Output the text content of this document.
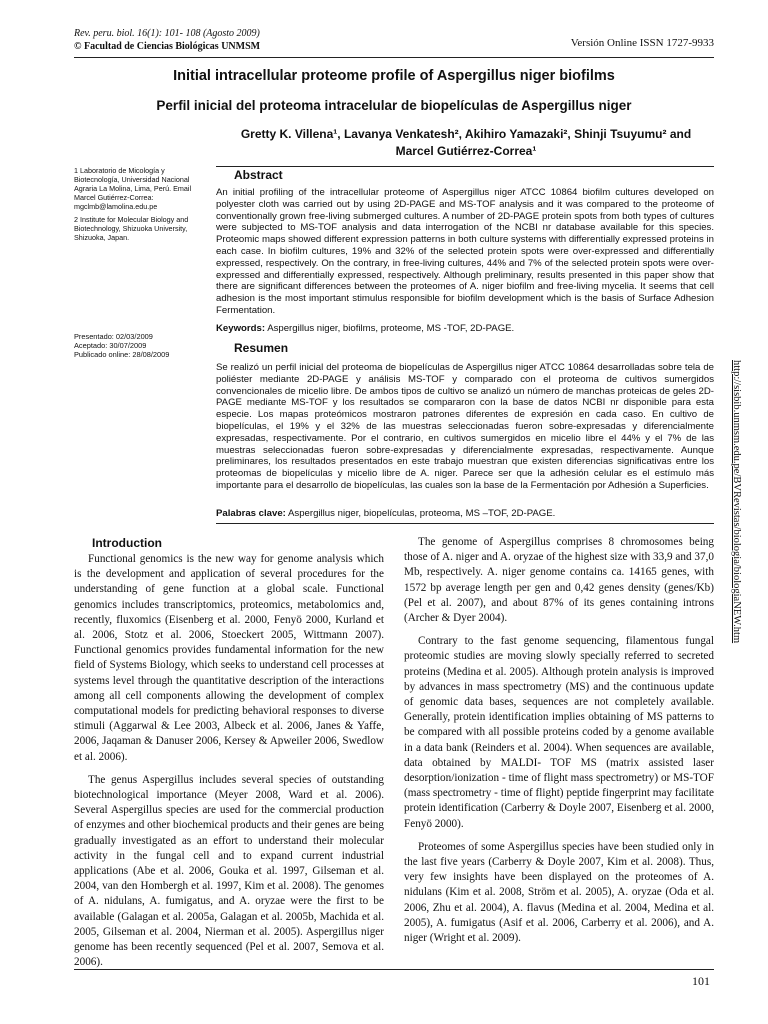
Rev. peru. biol. 16(1): 101- 108 (Agosto 2009)
© Facultad de Ciencias Biológicas UNMSM	Versión Online ISSN 1727-9933
Initial intracellular proteome profile of Aspergillus niger biofilms
Perfil inicial del proteoma intracelular de biopelículas de Aspergillus niger
Gretty K. Villena¹, Lavanya Venkatesh², Akihiro Yamazaki², Shinji Tsuyumu² and
Marcel Gutiérrez-Correa¹

1 Laboratorio de Micología y Biotecnología, Universidad Nacional Agraria La Molina, Lima, Perú. Email Marcel Gutiérrez-Correa: mgclmb@lamolina.edu.pe

2 Institute for Molecular Biology and Biotechnology, Shizuoka University, Shizuoka, Japan.

Abstract
An initial profiling of the intracellular proteome of Aspergillus niger ATCC 10864 biofilm cultures developed on polyester cloth was carried out by using 2D-PAGE and MS-TOF analysis and it was compared to the proteome of conventionally grown free-living submerged cultures. A number of 2D-PAGE protein spots from both types of cultures were subjected to MS-TOF analysis and data interrogation of the NCBI nr database available for this species. Proteomic maps showed different expression patterns in both culture systems with differentially expressed proteins in each case. In biofilm cultures, 19% and 32% of the selected protein spots were over-expressed and differentially expressed, respectively. On the contrary, in free-living cultures, 44% and 7% of the selected protein spots were over-expressed and differentially expressed, respectively. Although preliminary, results presented in this paper show that there are significant differences between the proteomes of A. niger biofilm and free-living mycelia. It seems that cell adhesion is the most important stimulus responsible for biofilm development which is the basis of Surface Adhesion Fermentation.
Keywords: Aspergillus niger, biofilms, proteome, MS -TOF, 2D-PAGE.
Presentado: 02/03/2009
Aceptado: 30/07/2009
Publicado online: 28/08/2009	Resumen
Se realizó un perfil inicial del proteoma de biopelículas de Aspergillus niger ATCC 10864 desarrolladas sobre tela de poliéster mediante 2D-PAGE y análisis MS-TOF y comparado con el proteoma de cultivos sumergidos convencionales de micelio libre. De ambos tipos de cultivo se analizó un número de manchas proteicas de geles 2D-PAGE mediante MS-TOF y los resultados se compararon con la base de datos NCBI nr disponible para esta especie. Los mapas proteómicos mostraron patrones diferentes de expresión en cada caso. En cultivo de biopelículas, el 19% y el 32% de las muestras seleccionadas fueron sobre-expresadas y diferencialmente expresadas, respectivamente. Por el contrario, en cultivos sumergidos en micelio libre el 44% y el 7% de las muestras seleccionadas fueron sobre-expresadas y diferencialmente expresadas, respectivamente. Aunque preliminares, los resultados presentados en este trabajo muestran que existen diferencias significativas entre los proteomas de biopelículas y micelio libre de A. niger. Parece ser que la adhesión celular es el estímulo más importante para el desarrollo de biopelículas, las cuales son la base de la Fermentación por Adhesión a Superficies.
Palabras clave: Aspergillus niger, biopelículas, proteoma, MS –TOF, 2D-PAGE.	http://sisbib.unmsm.edu.pe/BVRevistas/biologia/biologiaNEW.htm
Introduction

Functional genomics is the new way for genome analysis which is the development and application of several procedures for the understanding of gene function at a global scale. Functional genomics includes transcriptomics, proteomics, metabolomics and, recently, fluxomics (Eisenberg et al. 2000, Fenyö 2000, Kurland et al. 2006, Stotz et al. 2006, Stoeckert 2005, Wittmann 2007). Functional genomics provides fundamental information for the new field of Systems Biology, which seeks to understand cell processes at systems level through the quantitative description of the interactions among all cell components allowing the development of complex computational models for predicting behavioral responses to diverse stimuli (Aggarwal & Lee 2003, Albeck et al. 2006, Janes & Yaffe, 2006, Jaqaman & Danuser 2006, Kersey & Apweiler 2006, Swedlow et al. 2006).

The genus Aspergillus includes several species of outstanding biotechnological importance (Meyer 2008, Ward et al. 2006). Several Aspergillus species are used for the commercial production of enzymes and other biochemical products and their genes are being gradually investigated as an effort to understand their molecular activity in the fungal cell and to expand current industrial applications (Abe et al. 2006, Gouka et al. 1997, Gilseman et al. 2004, van den Hombergh et al. 1997, Kim et al. 2008). The genomes of A. nidulans, A. fumigatus, and A. oryzae were the first to be available (Galagan et al. 2005a, Galagan et al. 2005b, Machida et al. 2005, Gilseman et al. 2004, Nierman et al. 2005). Aspergillus niger genome has been recently sequenced (Pel et al. 2007, Semova et al. 2006).

The genome of Aspergillus comprises 8 chromosomes being those of A. niger and A. oryzae of the highest size with 33,9 and 37,0 Mb, respectively. A. niger genome contains ca. 14165 genes, with 1572 bp average length per gen and 0,42 genes density (genes/Kb) (Pel et al. 2007), and about 87% of its genes containing introns (Archer & Dyer 2004).

Contrary to the fast genome sequencing, filamentous fungal proteomic studies are moving slowly specially referred to secreted proteins (Medina et al. 2005). Although protein analysis is improved by advances in mass spectrometry (MS) and the continuous update of genomic data bases, sequences are not completely available. Generally, protein identification implies obtaining of MS patterns to be compared with all possible proteins coded by a genome available in a data bank (Reinders et al. 2004). When sequences are available, data obtained by MALDI- TOF MS (matrix assisted laser desorption/ionization - time of flight mass spectrometry) or MS-TOF (mass spectrometry - time of flight) peptide fingerprint may facilitate protein identification (Carberry & Doyle 2007, Eisenberg et al. 2000, Fenyö 2000).

Proteomes of some Aspergillus species have been studied only in the last five years (Carberry & Doyle 2007, Kim et al. 2008). Thus, very few insights have been displayed on the proteomes of A. nidulans (Kim et al. 2008, Ström et al. 2005), A. oryzae (Oda et al. 2006, Zhu et al. 2004), A. flavus (Medina et al. 2004, Medina et al. 2005), A. fumigatus (Asif et al. 2006, Carberry et al. 2006), and A. niger (Wright et al. 2009).

101
